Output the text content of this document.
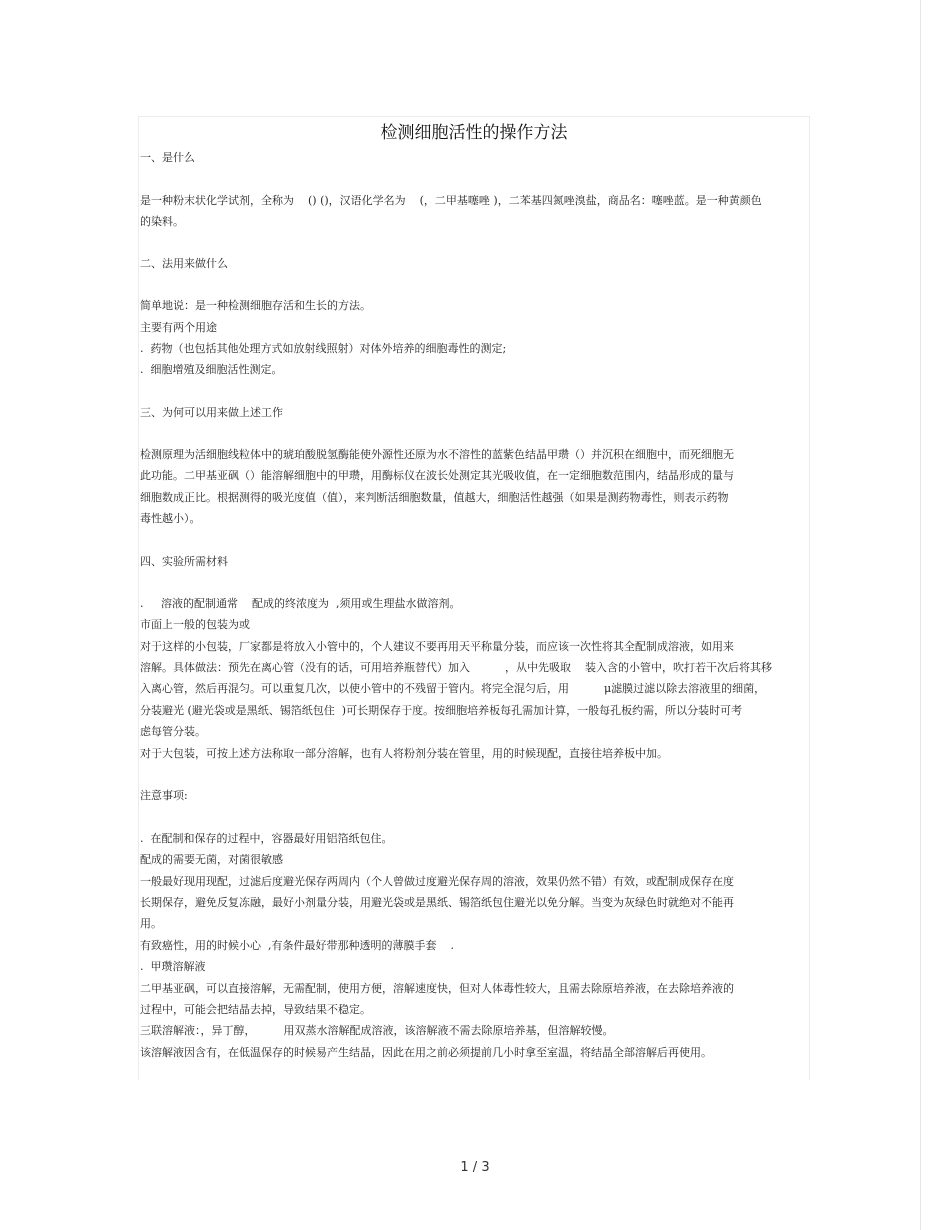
检测细胞活性的操作方法
一、是什么
是一种粉末状化学试剂，全称为    () ()，汉语化学名为    (，二甲基噻唑 )，二苯基四氮唑溴盐，商品名：噻唑蓝。是一种黄颜色
的染料。
二、法用来做什么
简单地说：是一种检测细胞存活和生长的方法。
主要有两个用途
.  药物（也包括其他处理方式如放射线照射）对体外培养的细胞毒性的测定;
.  细胞增殖及细胞活性测定。
三、为何可以用来做上述工作
检测原理为活细胞线粒体中的琥珀酸脱氢酶能使外源性还原为水不溶性的蓝紫色结晶甲瓒（）并沉积在细胞中，而死细胞无
此功能。二甲基亚砜（）能溶解细胞中的甲瓒，用酶标仪在波长处测定其光吸收值，在一定细胞数范围内，结晶形成的量与
细胞数成正比。根据测得的吸光度值（值），来判断活细胞数量，值越大，细胞活性越强（如果是测药物毒性，则表示药物
毒性越小）。
四、实验所需材料
.     溶液的配制通常    配成的终浓度为  ,须用或生理盐水做溶剂。
市面上一般的包装为或
对于这样的小包装，厂家都是将放入小管中的，个人建议不要再用天平称量分装，而应该一次性将其全配制成溶液，如用来
溶解。具体做法：预先在离心管（没有的话，可用培养瓶替代）加入          ，从中先吸取    装入含的小管中，吹打若干次后将其移
入离心管，然后再混匀。可以重复几次，以使小管中的不残留于管内。将完全混匀后，用          μ滤膜过滤以除去溶液里的细菌，
分装避光 (避光袋或是黑纸、锡箔纸包住  )可长期保存于度。按细胞培养板每孔需加计算，一般每孔板约需，所以分装时可考
虑每管分装。
对于大包装，可按上述方法称取一部分溶解，也有人将粉剂分装在管里，用的时候现配，直接往培养板中加。
注意事项:
.  在配制和保存的过程中，容器最好用铝箔纸包住。
配成的需要无菌，对菌很敏感
一般最好现用现配，过滤后度避光保存两周内（个人曾做过度避光保存周的溶液，效果仍然不错）有效，或配制成保存在度
长期保存，避免反复冻融，最好小剂量分装，用避光袋或是黑纸、锡箔纸包住避光以免分解。当变为灰绿色时就绝对不能再
用。
有致癌性，用的时候小心  ,有条件最好带那种透明的薄膜手套    .
.  甲瓒溶解液
二甲基亚砜，可以直接溶解，无需配制，使用方便，溶解速度快，但对人体毒性较大，且需去除原培养液，在去除培养液的
过程中，可能会把结晶去掉，导致结果不稳定。
三联溶解液：，异丁醇，        用双蒸水溶解配成溶液，该溶解液不需去除原培养基，但溶解较慢。
该溶解液因含有，在低温保存的时候易产生结晶，因此在用之前必须提前几小时拿至室温，将结晶全部溶解后再使用。
1 / 3
